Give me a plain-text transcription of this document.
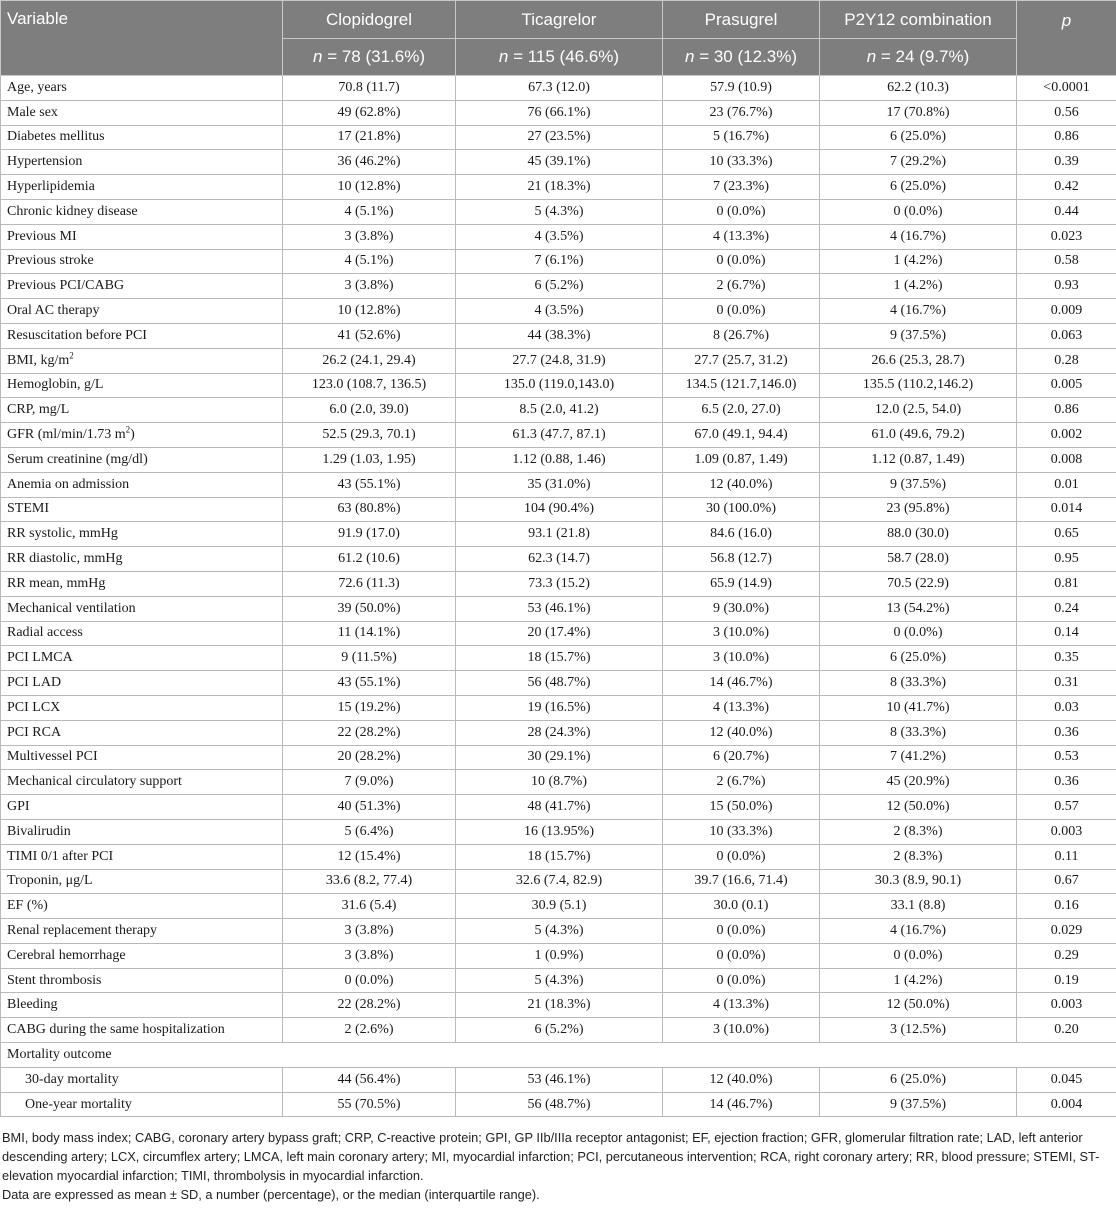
Variable	Clopidogrel	Ticagrelor	Prasugrel	P2Y12 combination	p
	n = 78 (31.6%)	n = 115 (46.6%)	n = 30 (12.3%)	n = 24 (9.7%)	
Age, years	70.8 (11.7)	67.3 (12.0)	57.9 (10.9)	62.2 (10.3)	<0.0001
Male sex	49 (62.8%)	76 (66.1%)	23 (76.7%)	17 (70.8%)	0.56
Diabetes mellitus	17 (21.8%)	27 (23.5%)	5 (16.7%)	6 (25.0%)	0.86
Hypertension	36 (46.2%)	45 (39.1%)	10 (33.3%)	7 (29.2%)	0.39
Hyperlipidemia	10 (12.8%)	21 (18.3%)	7 (23.3%)	6 (25.0%)	0.42
Chronic kidney disease	4 (5.1%)	5 (4.3%)	0 (0.0%)	0 (0.0%)	0.44
Previous MI	3 (3.8%)	4 (3.5%)	4 (13.3%)	4 (16.7%)	0.023
Previous stroke	4 (5.1%)	7 (6.1%)	0 (0.0%)	1 (4.2%)	0.58
Previous PCI/CABG	3 (3.8%)	6 (5.2%)	2 (6.7%)	1 (4.2%)	0.93
Oral AC therapy	10 (12.8%)	4 (3.5%)	0 (0.0%)	4 (16.7%)	0.009
Resuscitation before PCI	41 (52.6%)	44 (38.3%)	8 (26.7%)	9 (37.5%)	0.063
BMI, $kg/m^2$	26.2 (24.1, 29.4)	27.7 (24.8, 31.9)	27.7 (25.7, 31.2)	26.6 (25.3, 28.7)	0.28
Hemoglobin, g/L	123.0 (108.7, 136.5)	135.0 (119.0,143.0)	134.5 (121.7,146.0)	135.5 (110.2,146.2)	0.005
CRP, mg/L	6.0 (2.0, 39.0)	8.5 (2.0, 41.2)	6.5 (2.0, 27.0)	12.0 (2.5, 54.0)	0.86
GFR (ml/min/1.73 $m^2$)	52.5 (29.3, 70.1)	61.3 (47.7, 87.1)	67.0 (49.1, 94.4)	61.0 (49.6, 79.2)	0.002
Serum creatinine (mg/dl)	1.29 (1.03, 1.95)	1.12 (0.88, 1.46)	1.09 (0.87, 1.49)	1.12 (0.87, 1.49)	0.008
Anemia on admission	43 (55.1%)	35 (31.0%)	12 (40.0%)	9 (37.5%)	0.01
STEMI	63 (80.8%)	104 (90.4%)	30 (100.0%)	23 (95.8%)	0.014
RR systolic, mmHg	91.9 (17.0)	93.1 (21.8)	84.6 (16.0)	88.0 (30.0)	0.65
RR diastolic, mmHg	61.2 (10.6)	62.3 (14.7)	56.8 (12.7)	58.7 (28.0)	0.95
RR mean, mmHg	72.6 (11.3)	73.3 (15.2)	65.9 (14.9)	70.5 (22.9)	0.81
Mechanical ventilation	39 (50.0%)	53 (46.1%)	9 (30.0%)	13 (54.2%)	0.24
Radial access	11 (14.1%)	20 (17.4%)	3 (10.0%)	0 (0.0%)	0.14
PCI LMCA	9 (11.5%)	18 (15.7%)	3 (10.0%)	6 (25.0%)	0.35
PCI LAD	43 (55.1%)	56 (48.7%)	14 (46.7%)	8 (33.3%)	0.31
PCI LCX	15 (19.2%)	19 (16.5%)	4 (13.3%)	10 (41.7%)	0.03
PCI RCA	22 (28.2%)	28 (24.3%)	12 (40.0%)	8 (33.3%)	0.36
Multivessel PCI	20 (28.2%)	30 (29.1%)	6 (20.7%)	7 (41.2%)	0.53
Mechanical circulatory support	7 (9.0%)	10 (8.7%)	2 (6.7%)	45 (20.9%)	0.36
GPI	40 (51.3%)	48 (41.7%)	15 (50.0%)	12 (50.0%)	0.57
Bivalirudin	5 (6.4%)	16 (13.95%)	10 (33.3%)	2 (8.3%)	0.003
TIMI 0/1 after PCI	12 (15.4%)	18 (15.7%)	0 (0.0%)	2 (8.3%)	0.11
Troponin, μg/L	33.6 (8.2, 77.4)	32.6 (7.4, 82.9)	39.7 (16.6, 71.4)	30.3 (8.9, 90.1)	0.67
EF (%)	31.6 (5.4)	30.9 (5.1)	30.0 (0.1)	33.1 (8.8)	0.16
Renal replacement therapy	3 (3.8%)	5 (4.3%)	0 (0.0%)	4 (16.7%)	0.029
Cerebral hemorrhage	3 (3.8%)	1 (0.9%)	0 (0.0%)	0 (0.0%)	0.29
Stent thrombosis	0 (0.0%)	5 (4.3%)	0 (0.0%)	1 (4.2%)	0.19
Bleeding	22 (28.2%)	21 (18.3%)	4 (13.3%)	12 (50.0%)	0.003
CABG during the same hospitalization	2 (2.6%)	6 (5.2%)	3 (10.0%)	3 (12.5%)	0.20
Mortality outcome					
30-day mortality	44 (56.4%)	53 (46.1%)	12 (40.0%)	6 (25.0%)	0.045
One-year mortality	55 (70.5%)	56 (48.7%)	14 (46.7%)	9 (37.5%)	0.004

BMI, body mass index; CABG, coronary artery bypass graft; CRP, C-reactive protein; GPI, GP IIb/IIIa receptor antagonist; EF, ejection fraction; GFR, glomerular filtration rate; LAD, left anterior descending artery; LCX, circumflex artery; LMCA, left main coronary artery; MI, myocardial infarction; PCI, percutaneous intervention; RCA, right coronary artery; RR, blood pressure; STEMI, ST-elevation myocardial infarction; TIMI, thrombolysis in myocardial infarction.

Data are expressed as mean ± SD, a number (percentage), or the median (interquartile range).
